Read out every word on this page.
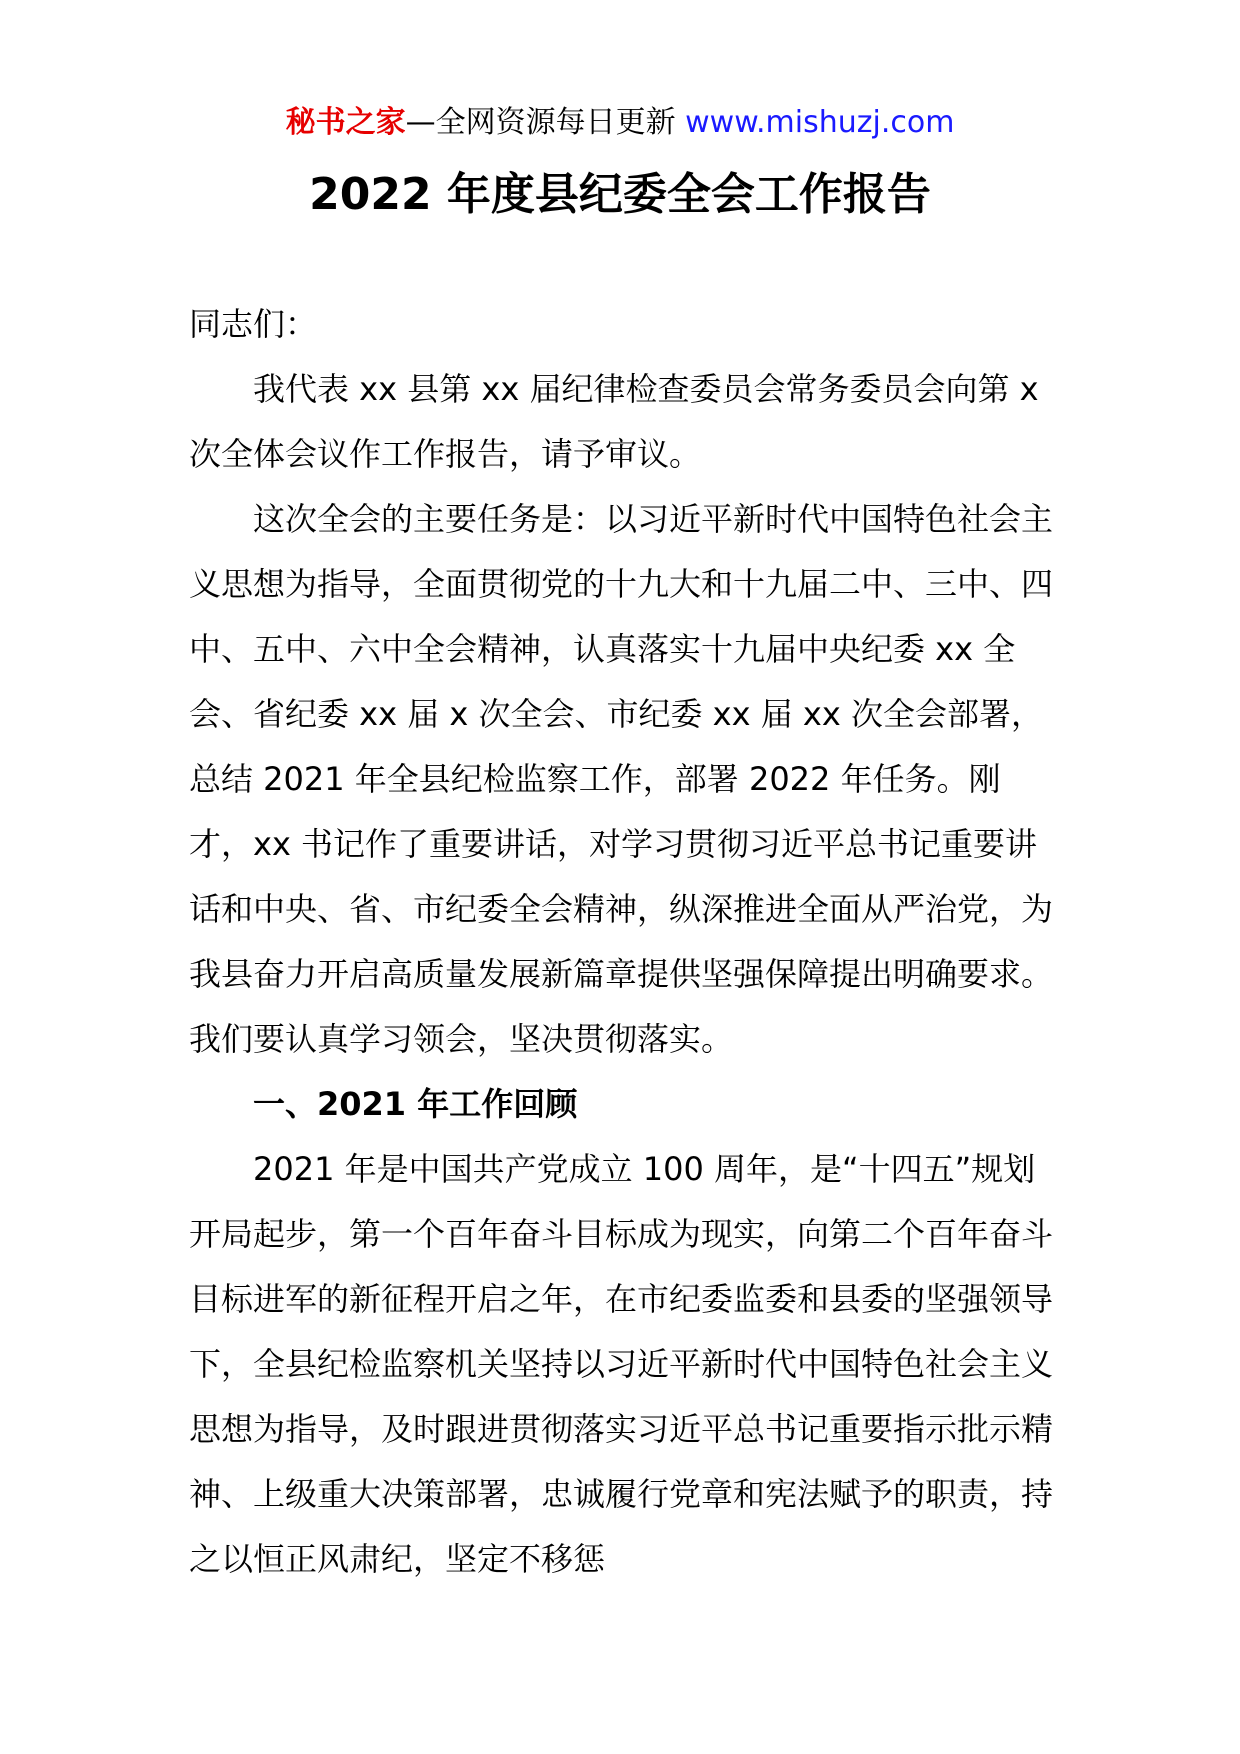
秘书之家—全网资源每日更新 www.mishuzj.com
2022 年度县纪委全会工作报告

同志们：

我代表 xx 县第 xx 届纪律检查委员会常务委员会向第 x 次全体会议作工作报告，请予审议。

这次全会的主要任务是：以习近平新时代中国特色社会主义思想为指导，全面贯彻党的十九大和十九届二中、三中、四中、五中、六中全会精神，认真落实十九届中央纪委 xx 全会、省纪委 xx 届 x 次全会、市纪委 xx 届 xx 次全会部署，总结 2021 年全县纪检监察工作，部署 2022 年任务。刚才，xx 书记作了重要讲话，对学习贯彻习近平总书记重要讲话和中央、省、市纪委全会精神，纵深推进全面从严治党，为我县奋力开启高质量发展新篇章提供坚强保障提出明确要求。我们要认真学习领会，坚决贯彻落实。

一、2021 年工作回顾

2021 年是中国共产党成立 100 周年，是“十四五”规划开局起步，第一个百年奋斗目标成为现实，向第二个百年奋斗目标进军的新征程开启之年，在市纪委监委和县委的坚强领导下，全县纪检监察机关坚持以习近平新时代中国特色社会主义思想为指导，及时跟进贯彻落实习近平总书记重要指示批示精神、上级重大决策部署，忠诚履行党章和宪法赋予的职责，持之以恒正风肃纪，坚定不移惩
